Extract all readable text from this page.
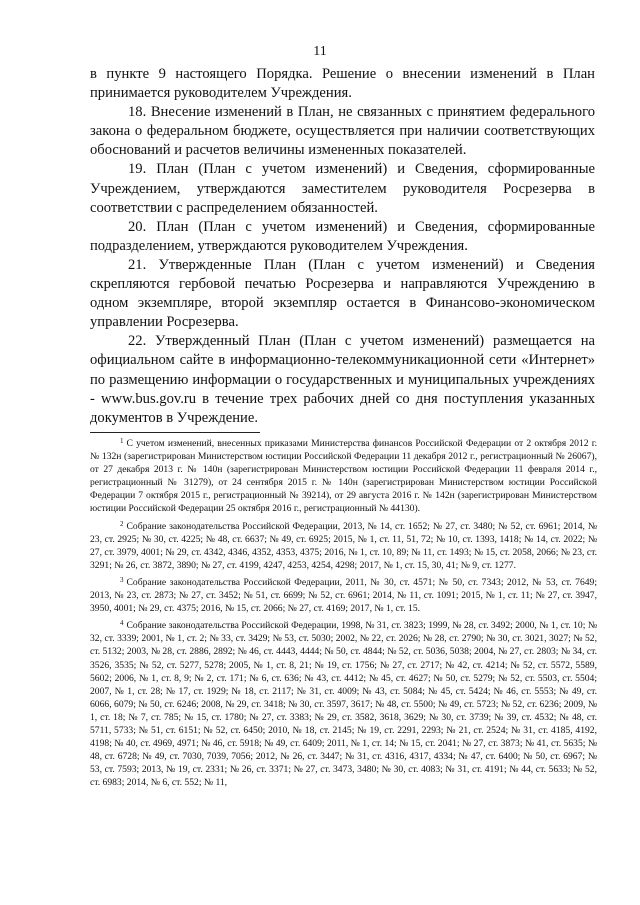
11

в пункте 9 настоящего Порядка. Решение о внесении изменений в План принимается руководителем Учреждения.

18. Внесение изменений в План, не связанных с принятием федерального закона о федеральном бюджете, осуществляется при наличии соответствующих обоснований и расчетов величины измененных показателей.

19. План (План с учетом изменений) и Сведения, сформированные Учреждением, утверждаются заместителем руководителя Росрезерва в соответствии с распределением обязанностей.

20. План (План с учетом изменений) и Сведения, сформированные подразделением, утверждаются руководителем Учреждения.

21. Утвержденные План (План с учетом изменений) и Сведения скрепляются гербовой печатью Росрезерва и направляются Учреждению в одном экземпляре, второй экземпляр остается в Финансово-экономическом управлении Росрезерва.

22. Утвержденный План (План с учетом изменений) размещается на официальном сайте в информационно-телекоммуникационной сети «Интернет» по размещению информации о государственных и муниципальных учреждениях - www.bus.gov.ru в течение трех рабочих дней со дня поступления указанных документов в Учреждение.

$^1$ С учетом изменений, внесенных приказами Министерства финансов Российской Федерации от 2 октября 2012 г. № 132н (зарегистрирован Министерством юстиции Российской Федерации 11 декабря 2012 г., регистрационный № 26067), от 27 декабря 2013 г. № 140н (зарегистрирован Министерством юстиции Российской Федерации 11 февраля 2014 г., регистрационный № 31279), от 24 сентября 2015 г. № 140н (зарегистрирован Министерством юстиции Российской Федерации 7 октября 2015 г., регистрационный № 39214), от 29 августа 2016 г. № 142н (зарегистрирован Министерством юстиции Российской Федерации 25 октября 2016 г., регистрационный № 44130).

$^2$ Собрание законодательства Российской Федерации, 2013, № 14, ст. 1652; № 27, ст. 3480; № 52, ст. 6961; 2014, № 23, ст. 2925; № 30, ст. 4225; № 48, ст. 6637; № 49, ст. 6925; 2015, № 1, ст. 11, 51, 72; № 10, ст. 1393, 1418; № 14, ст. 2022; № 27, ст. 3979, 4001; № 29, ст. 4342, 4346, 4352, 4353, 4375; 2016, № 1, ст. 10, 89; № 11, ст. 1493; № 15, ст. 2058, 2066; № 23, ст. 3291; № 26, ст. 3872, 3890; № 27, ст. 4199, 4247, 4253, 4254, 4298; 2017, № 1, ст. 15, 30, 41; № 9, ст. 1277.

$^3$ Собрание законодательства Российской Федерации, 2011, № 30, ст. 4571; № 50, ст. 7343; 2012, № 53, ст. 7649; 2013, № 23, ст. 2873; № 27, ст. 3452; № 51, ст. 6699; № 52, ст. 6961; 2014, № 11, ст. 1091; 2015, № 1, ст. 11; № 27, ст. 3947, 3950, 4001; № 29, ст. 4375; 2016, № 15, ст. 2066; № 27, ст. 4169; 2017, № 1, ст. 15.

$^4$ Собрание законодательства Российской Федерации, 1998, № 31, ст. 3823; 1999, № 28, ст. 3492; 2000, № 1, ст. 10; № 32, ст. 3339; 2001, № 1, ст. 2; № 33, ст. 3429; № 53, ст. 5030; 2002, № 22, ст. 2026; № 28, ст. 2790; № 30, ст. 3021, 3027; № 52, ст. 5132; 2003, № 28, ст. 2886, 2892; № 46, ст. 4443, 4444; № 50, ст. 4844; № 52, ст. 5036, 5038; 2004, № 27, ст. 2803; № 34, ст. 3526, 3535; № 52, ст. 5277, 5278; 2005, № 1, ст. 8, 21; № 19, ст. 1756; № 27, ст. 2717; № 42, ст. 4214; № 52, ст. 5572, 5589, 5602; 2006, № 1, ст. 8, 9; № 2, ст. 171; № 6, ст. 636; № 43, ст. 4412; № 45, ст. 4627; № 50, ст. 5279; № 52, ст. 5503, ст. 5504; 2007, № 1, ст. 28; № 17, ст. 1929; № 18, ст. 2117; № 31, ст. 4009; № 43, ст. 5084; № 45, ст. 5424; № 46, ст. 5553; № 49, ст. 6066, 6079; № 50, ст. 6246; 2008, № 29, ст. 3418; № 30, ст. 3597, 3617; № 48, ст. 5500; № 49, ст. 5723; № 52, ст. 6236; 2009, № 1, ст. 18; № 7, ст. 785; № 15, ст. 1780; № 27, ст. 3383; № 29, ст. 3582, 3618, 3629; № 30, ст. 3739; № 39, ст. 4532; № 48, ст. 5711, 5733; № 51, ст. 6151; № 52, ст. 6450; 2010, № 18, ст. 2145; № 19, ст. 2291, 2293; № 21, ст. 2524; № 31, ст. 4185, 4192, 4198; № 40, ст. 4969, 4971; № 46, ст. 5918; № 49, ст. 6409; 2011, № 1, ст. 14; № 15, ст. 2041; № 27, ст. 3873; № 41, ст. 5635; № 48, ст. 6728; № 49, ст. 7030, 7039, 7056; 2012, № 26, ст. 3447; № 31, ст. 4316, 4317, 4334; № 47, ст. 6400; № 50, ст. 6967; № 53, ст. 7593; 2013, № 19, ст. 2331; № 26, ст. 3371; № 27, ст. 3473, 3480; № 30, ст. 4083; № 31, ст. 4191; № 44, ст. 5633; № 52, ст. 6983; 2014, № 6, ст. 552; № 11,
